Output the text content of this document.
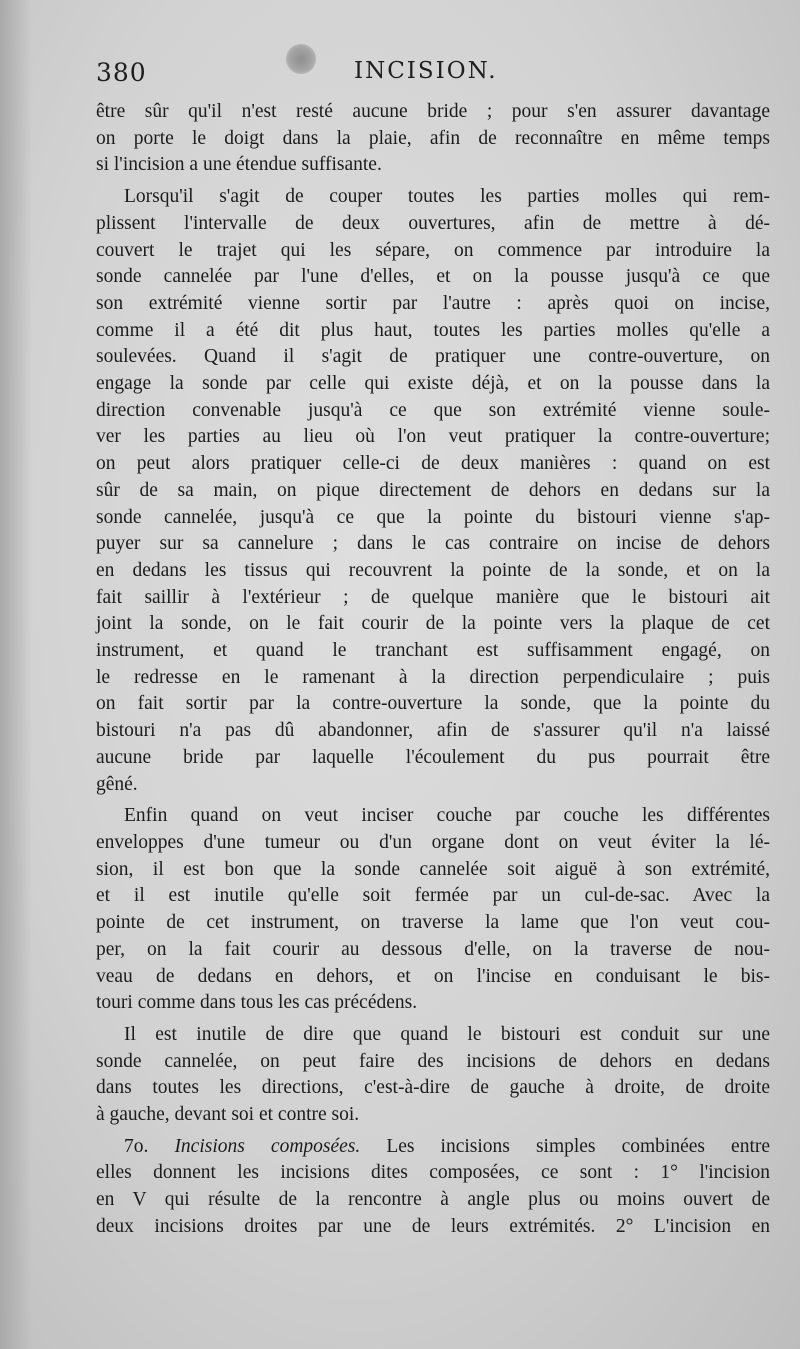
380	INCISION.

être sûr qu'il n'est resté aucune bride ; pour s'en assurer davantage
on porte le doigt dans la plaie, afin de reconnaître en même temps
si l'incision a une étendue suffisante.

Lorsqu'il s'agit de couper toutes les parties molles qui rem-
plissent l'intervalle de deux ouvertures, afin de mettre à dé-
couvert le trajet qui les sépare, on commence par introduire la
sonde cannelée par l'une d'elles, et on la pousse jusqu'à ce que
son extrémité vienne sortir par l'autre : après quoi on incise,
comme il a été dit plus haut, toutes les parties molles qu'elle a
soulevées. Quand il s'agit de pratiquer une contre-ouverture, on
engage la sonde par celle qui existe déjà, et on la pousse dans la
direction convenable jusqu'à ce que son extrémité vienne soule-
ver les parties au lieu où l'on veut pratiquer la contre-ouverture;
on peut alors pratiquer celle-ci de deux manières : quand on est
sûr de sa main, on pique directement de dehors en dedans sur la
sonde cannelée, jusqu'à ce que la pointe du bistouri vienne s'ap-
puyer sur sa cannelure ; dans le cas contraire on incise de dehors
en dedans les tissus qui recouvrent la pointe de la sonde, et on la
fait saillir à l'extérieur ; de quelque manière que le bistouri ait
joint la sonde, on le fait courir de la pointe vers la plaque de cet
instrument, et quand le tranchant est suffisamment engagé, on
le redresse en le ramenant à la direction perpendiculaire ; puis
on fait sortir par la contre-ouverture la sonde, que la pointe du
bistouri n'a pas dû abandonner, afin de s'assurer qu'il n'a laissé
aucune bride par laquelle l'écoulement du pus pourrait être
gêné.

Enfin quand on veut inciser couche par couche les différentes
enveloppes d'une tumeur ou d'un organe dont on veut éviter la lé-
sion, il est bon que la sonde cannelée soit aiguë à son extrémité,
et il est inutile qu'elle soit fermée par un cul-de-sac. Avec la
pointe de cet instrument, on traverse la lame que l'on veut cou-
per, on la fait courir au dessous d'elle, on la traverse de nou-
veau de dedans en dehors, et on l'incise en conduisant le bis-
touri comme dans tous les cas précédens.

Il est inutile de dire que quand le bistouri est conduit sur une
sonde cannelée, on peut faire des incisions de dehors en dedans
dans toutes les directions, c'est-à-dire de gauche à droite, de droite
à gauche, devant soi et contre soi.

7o. Incisions composées. Les incisions simples combinées entre
elles donnent les incisions dites composées, ce sont : 1° l'incision
en V qui résulte de la rencontre à angle plus ou moins ouvert de
deux incisions droites par une de leurs extrémités. 2° L'incision en
